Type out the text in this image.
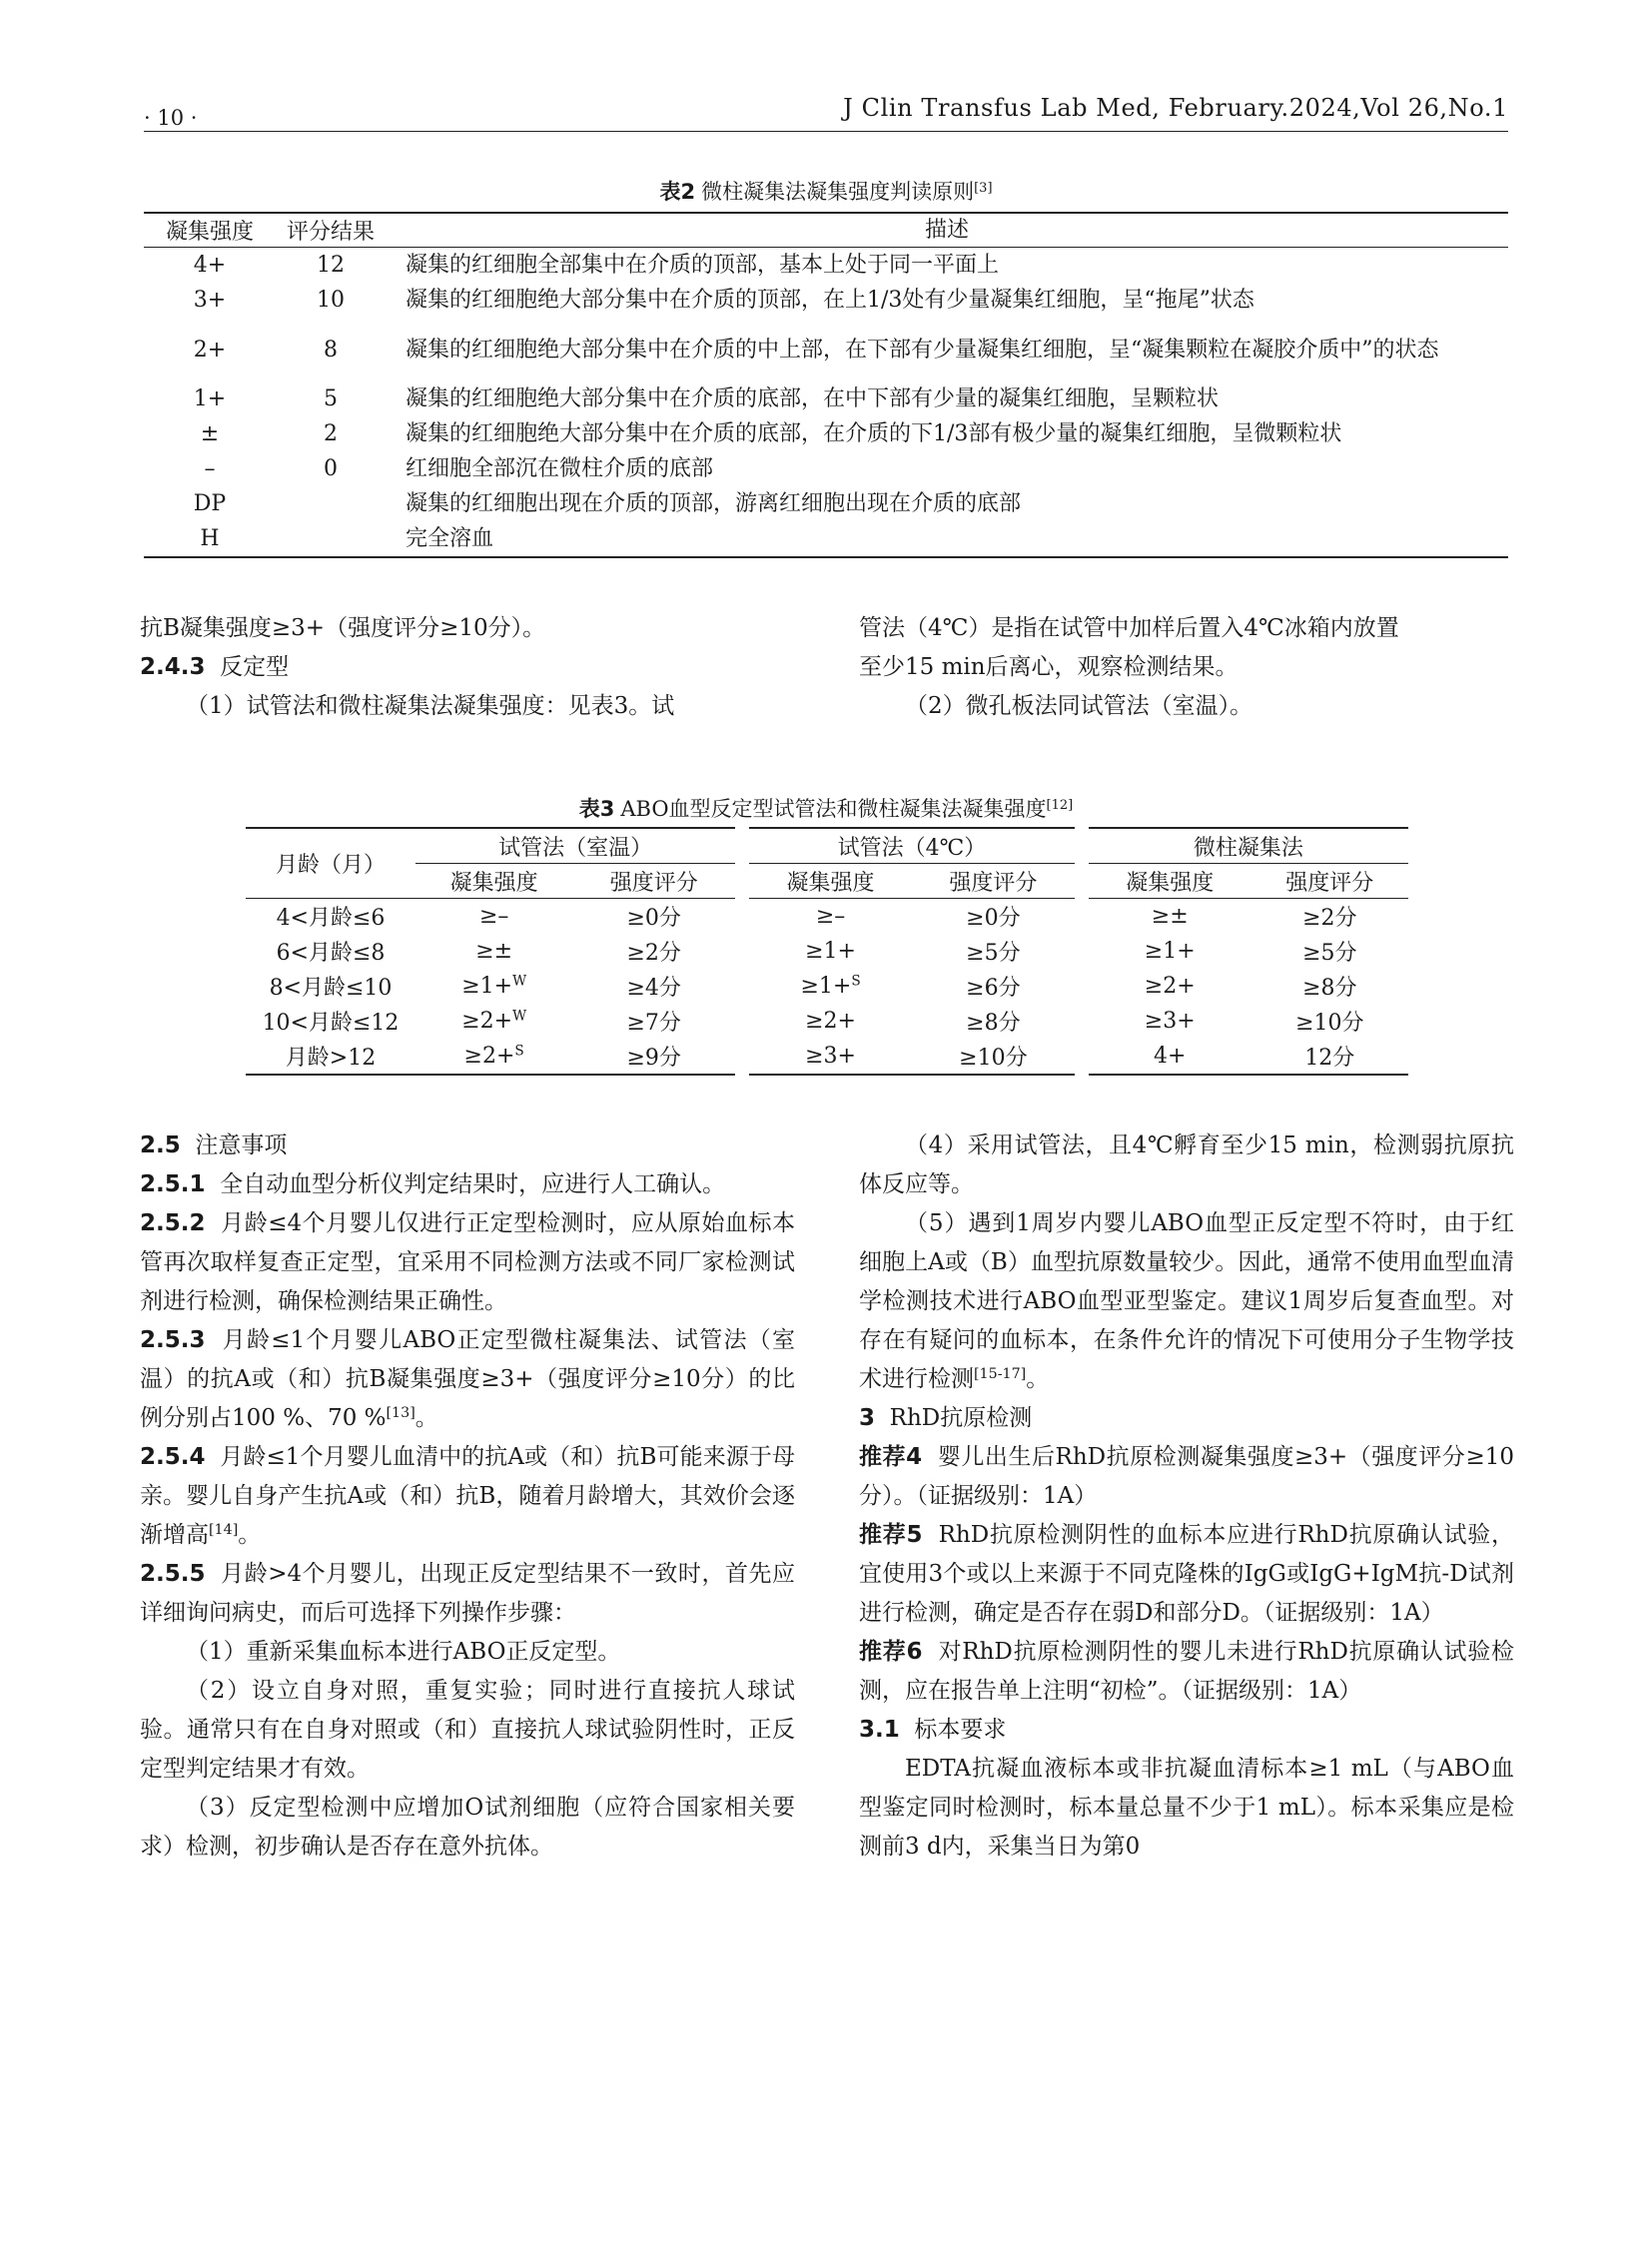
· 10 ·	J Clin Transfus Lab Med, February.2024,Vol 26,No.1
表2 微柱凝集法凝集强度判读原则[3]
凝集强度	评分结果	描述
4+	12	凝集的红细胞全部集中在介质的顶部，基本上处于同一平面上
3+	10	凝集的红细胞绝大部分集中在介质的顶部，在上1/3处有少量凝集红细胞，呈“拖尾”状态
2+	8	凝集的红细胞绝大部分集中在介质的中上部，在下部有少量凝集红细胞，呈“凝集颗粒在凝胶介质中”的状态
1+	5	凝集的红细胞绝大部分集中在介质的底部，在中下部有少量的凝集红细胞，呈颗粒状
±	2	凝集的红细胞绝大部分集中在介质的底部，在介质的下1/3部有极少量的凝集红细胞，呈微颗粒状
–	0	红细胞全部沉在微柱介质的底部
DP		凝集的红细胞出现在介质的顶部，游离红细胞出现在介质的底部
H		完全溶血

抗B凝集强度≥3+（强度评分≥10分）。

2.4.3 反定型

（1）试管法和微柱凝集法凝集强度：见表3。试

管法（4℃）是指在试管中加样后置入4℃冰箱内放置

至少15 min后离心，观察检测结果。

（2）微孔板法同试管法（室温）。

表3 ABO血型反定型试管法和微柱凝集法凝集强度[12]
月龄（月）	试管法（室温）		试管法（4℃）		微柱凝集法	
	凝集强度	强度评分	凝集强度	强度评分	凝集强度	强度评分
4<月龄≤6	≥–	≥0分	≥–	≥0分	≥±	≥2分
6<月龄≤8	≥±	≥2分	≥1+	≥5分	≥1+	≥5分
8<月龄≤10	≥1+$^W$	≥4分	≥1+$^S$	≥6分	≥2+	≥8分
10<月龄≤12	≥2+$^W$	≥7分	≥2+	≥8分	≥3+	≥10分
月龄>12	≥2+$^S$	≥9分	≥3+	≥10分	4+	12分

2.5 注意事项

2.5.1 全自动血型分析仪判定结果时，应进行人工确认。

2.5.2 月龄≤4个月婴儿仅进行正定型检测时，应从原始血标本管再次取样复查正定型，宜采用不同检测方法或不同厂家检测试剂进行检测，确保检测结果正确性。

2.5.3 月龄≤1个月婴儿ABO正定型微柱凝集法、试管法（室温）的抗A或（和）抗B凝集强度≥3+（强度评分≥10分）的比例分别占100 %、70 %[13]。

2.5.4 月龄≤1个月婴儿血清中的抗A或（和）抗B可能来源于母亲。婴儿自身产生抗A或（和）抗B，随着月龄增大，其效价会逐渐增高[14]。

2.5.5 月龄>4个月婴儿，出现正反定型结果不一致时，首先应详细询问病史，而后可选择下列操作步骤：

（1）重新采集血标本进行ABO正反定型。

（2）设立自身对照，重复实验；同时进行直接抗人球试验。通常只有在自身对照或（和）直接抗人球试验阴性时，正反定型判定结果才有效。

（3）反定型检测中应增加O试剂细胞（应符合国家相关要求）检测，初步确认是否存在意外抗体。

（4）采用试管法，且4℃孵育至少15 min，检测弱抗原抗体反应等。

（5）遇到1周岁内婴儿ABO血型正反定型不符时，由于红细胞上A或（B）血型抗原数量较少。因此，通常不使用血型血清学检测技术进行ABO血型亚型鉴定。建议1周岁后复查血型。对存在有疑问的血标本，在条件允许的情况下可使用分子生物学技术进行检测[15-17]。

3 RhD抗原检测

推荐4 婴儿出生后RhD抗原检测凝集强度≥3+（强度评分≥10分）。（证据级别：1A）

推荐5 RhD抗原检测阴性的血标本应进行RhD抗原确认试验，宜使用3个或以上来源于不同克隆株的IgG或IgG+IgM抗-D试剂进行检测，确定是否存在弱D和部分D。（证据级别：1A）

推荐6 对RhD抗原检测阴性的婴儿未进行RhD抗原确认试验检测，应在报告单上注明“初检”。（证据级别：1A）

3.1 标本要求

EDTA抗凝血液标本或非抗凝血清标本≥1 mL（与ABO血型鉴定同时检测时，标本量总量不少于1 mL）。标本采集应是检测前3 d内，采集当日为第0
